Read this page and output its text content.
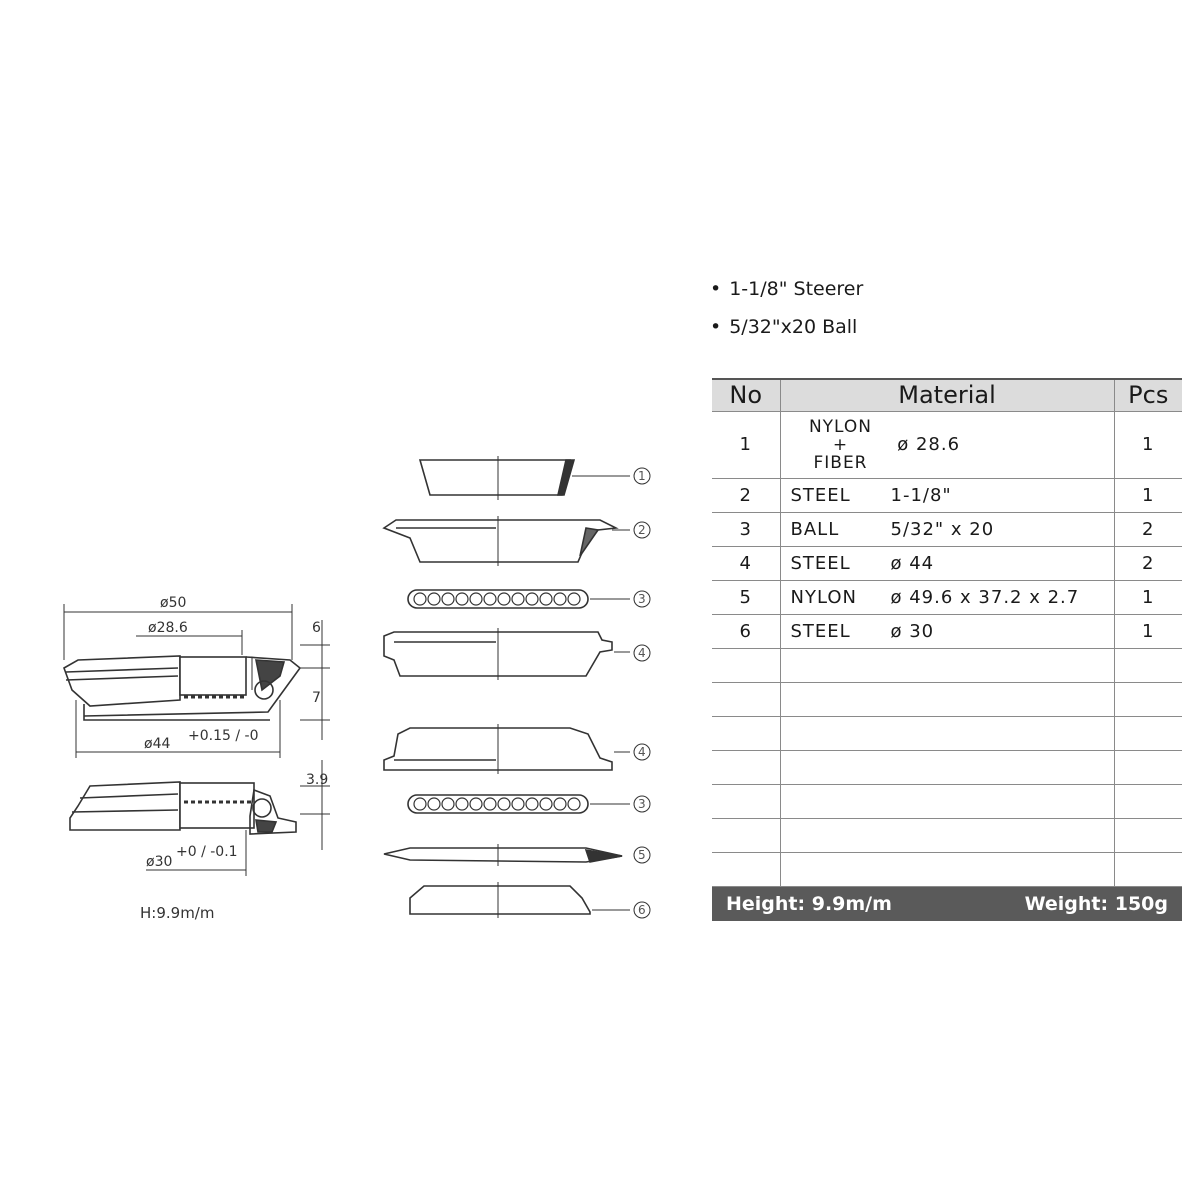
ø50
ø28.6
ø44 +0.15 / -0
ø30
+0 / -0.1
6
7
3.9
1
2
3
4
4
3
5
6
H:9.9m/m
• 1-1/8" Steerer
• 5/32"x20 Ball
No	Material	Pcs
1	NYLON
+
FIBER ø 28.6	1
2	STEEL 1-1/8"	1
3	BALL 5/32" x 20	2
4	STEEL ø 44	2
5	NYLON ø 49.6 x 37.2 x 2.7	1
6	STEEL ø 30	1

Height: 9.9m/m	Weight: 150g
